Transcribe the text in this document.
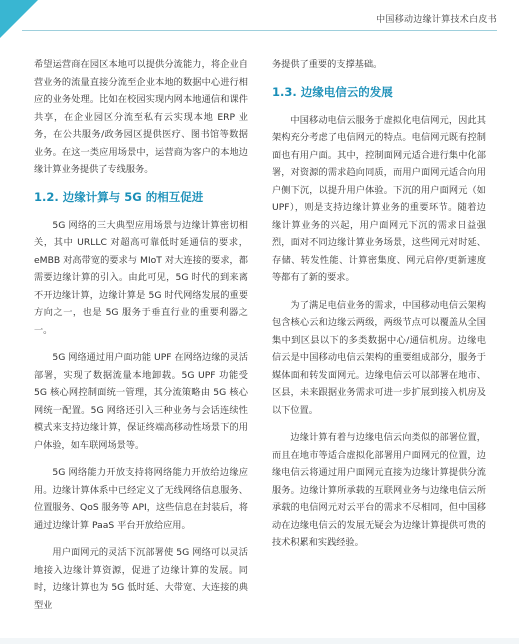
中国移动边缘计算技术白皮书

希望运营商在园区本地可以提供分流能力，将企业自营业务的流量直接分流至企业本地的数据中心进行相应的业务处理。比如在校园实现内网本地通信和课件共享，在企业园区分流至私有云实现本地 ERP 业务，在公共服务/政务园区提供医疗、图书馆等数据业务。在这一类应用场景中，运营商为客户的本地边缘计算业务提供了专线服务。

1.2. 边缘计算与 5G 的相互促进

5G 网络的三大典型应用场景与边缘计算密切相关，其中 URLLC 对超高可靠低时延通信的要求，eMBB 对高带宽的要求与 MIoT 对大连接的要求，都需要边缘计算的引入。由此可见，5G 时代的到来离不开边缘计算，边缘计算是 5G 时代网络发展的重要方向之一，也是 5G 服务于垂直行业的重要利器之一。

5G 网络通过用户面功能 UPF 在网络边缘的灵活部署，实现了数据流量本地卸载。5G UPF 功能受 5G 核心网控制面统一管理，其分流策略由 5G 核心网统一配置。5G 网络还引入三种业务与会话连续性模式来支持边缘计算，保证终端高移动性场景下的用户体验，如车联网场景等。

5G 网络能力开放支持将网络能力开放给边缘应用。边缘计算体系中已经定义了无线网络信息服务、位置服务、QoS 服务等 API，这些信息在封装后，将通过边缘计算 PaaS 平台开放给应用。

用户面网元的灵活下沉部署使 5G 网络可以灵活地接入边缘计算资源，促进了边缘计算的发展。同时，边缘计算也为 5G 低时延、大带宽、大连接的典型业

务提供了重要的支撑基础。

1.3. 边缘电信云的发展

中国移动电信云服务于虚拟化电信网元，因此其架构充分考虑了电信网元的特点。电信网元既有控制面也有用户面。其中，控制面网元适合进行集中化部署，对资源的需求趋向同质，而用户面网元适合向用户侧下沉，以提升用户体验。下沉的用户面网元（如 UPF），则是支持边缘计算业务的重要环节。随着边缘计算业务的兴起，用户面网元下沉的需求日益强烈，面对不同边缘计算业务场景，这些网元对时延、存储、转发性能、计算密集度、网元启停/更新速度等都有了新的要求。

为了满足电信业务的需求，中国移动电信云架构包含核心云和边缘云两级，两级节点可以覆盖从全国集中到区县以下的多类数据中心/通信机房。边缘电信云是中国移动电信云架构的重要组成部分，服务于媒体面和转发面网元。边缘电信云可以部署在地市、区县，未来跟据业务需求可进一步扩展到接入机房及以下位置。

边缘计算有着与边缘电信云向类似的部署位置，而且在地市等适合虚拟化部署用户面网元的位置，边缘电信云将通过用户面网元直接为边缘计算提供分流服务。边缘计算所承载的互联网业务与边缘电信云所承载的电信网元对云平台的需求不尽相同，但中国移动在边缘电信云的发展无疑会为边缘计算提供可贵的技术积累和实践经验。
